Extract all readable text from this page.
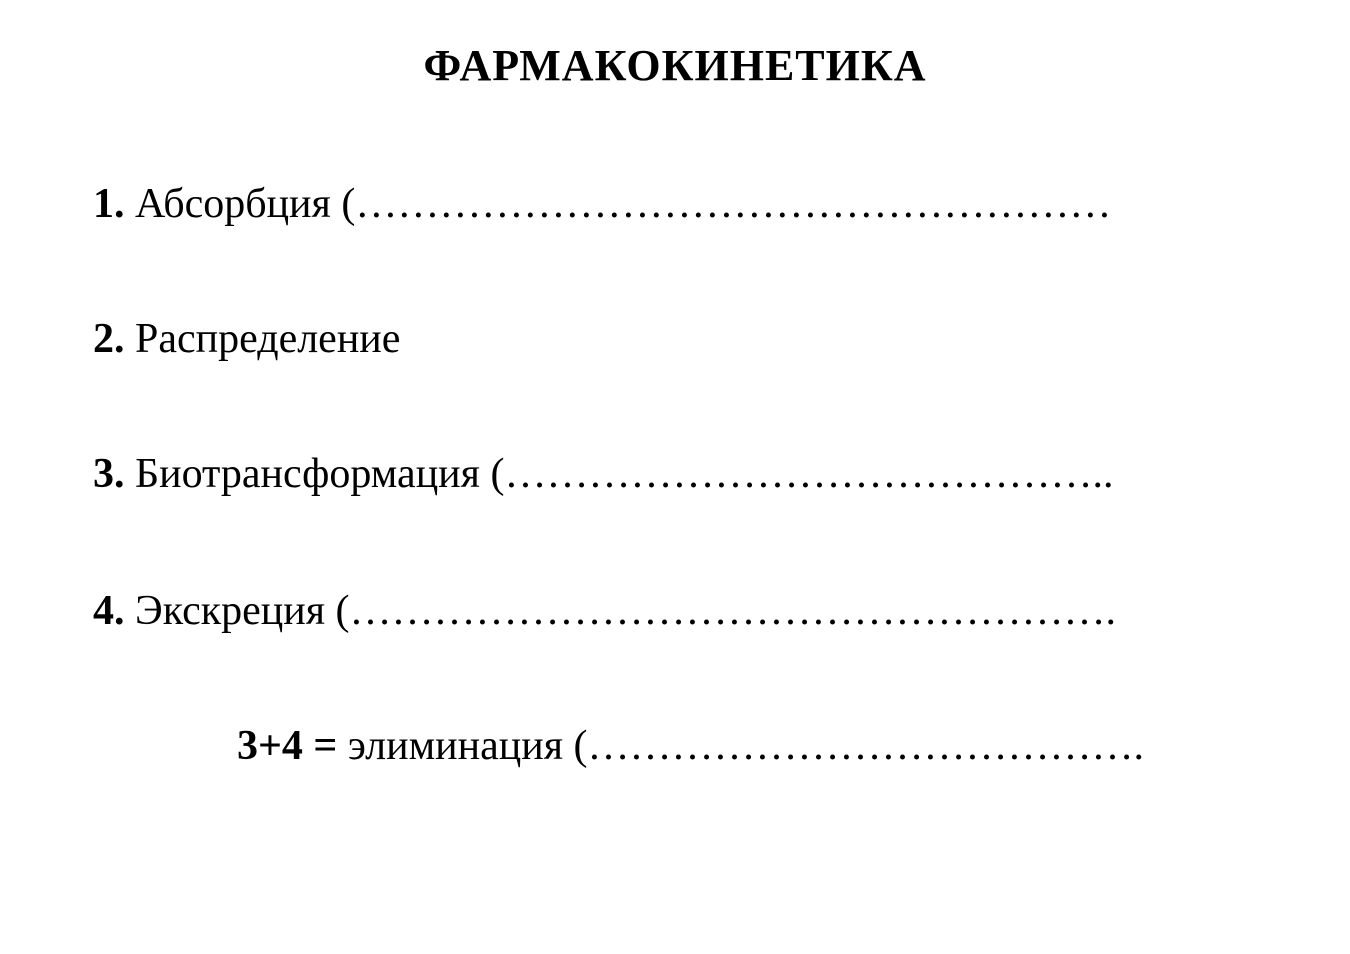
ФАРМАКОКИНЕТИКА
1. Абсорбция (………………………………………………
2. Распределение
3. Биотрансформация (……………………………………..
4. Экскреция (……………………………………………….
3+4 = элиминация (………………………………….
